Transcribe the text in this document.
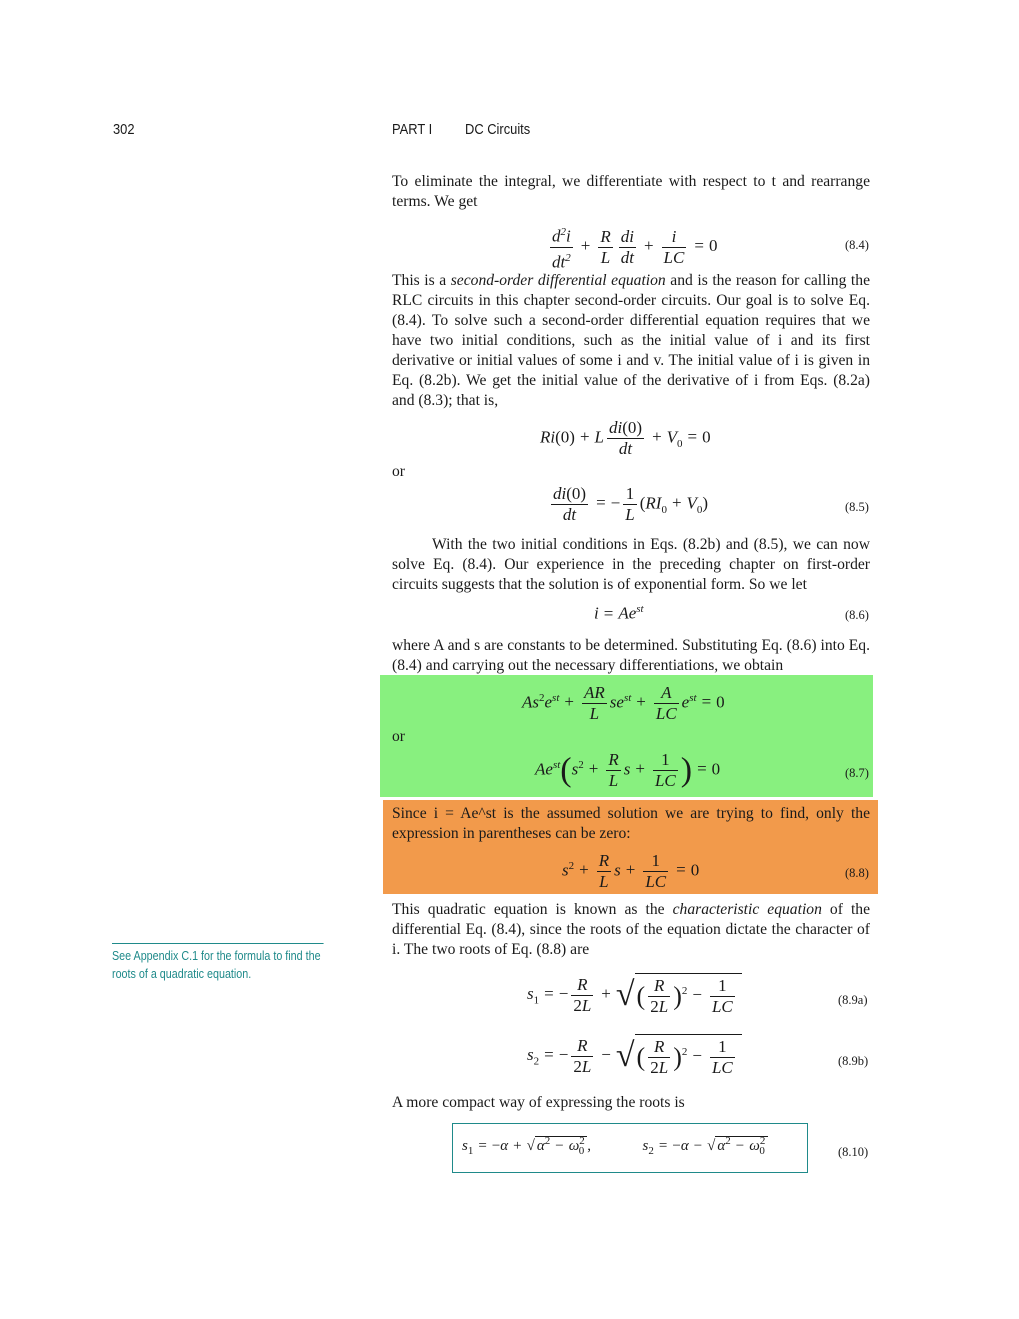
302	PART I DC Circuits

To eliminate the integral, we differentiate with respect to t and rearrange terms. We get

$\frac{d^2i}{dt^2} + \frac{R}{L} \frac{di}{dt} + \frac{i}{LC} = 0$	(8.4)

This is a second-order differential equation and is the reason for calling the RLC circuits in this chapter second-order circuits. Our goal is to solve Eq. (8.4). To solve such a second-order differential equation requires that we have two initial conditions, such as the initial value of i and its first derivative or initial values of some i and v. The initial value of i is given in Eq. (8.2b). We get the initial value of the derivative of i from Eqs. (8.2a) and (8.3); that is,

Ri(0) + L $\frac{di(0)}{dt} + V_0 = 0$

or

$\frac{di(0)}{dt}$ = − $\frac{1}{L} (RI_0 + V_0)$	(8.5)

With the two initial conditions in Eqs. (8.2b) and (8.5), we can now solve Eq. (8.4). Our experience in the preceding chapter on first-order circuits suggests that the solution is of exponential form. So we let

$i = Ae^{st}$	(8.6)

where A and s are constants to be determined. Substituting Eq. (8.6) into Eq. (8.4) and carrying out the necessary differentiations, we obtain

$As^2e^{st} + \frac{AR}{L} se^{st} + \frac{A}{LC} e^{st} = 0$

or

$Ae^{st}(s^2 + \frac{R}{L}$ $s + \frac{1}{LC}$ ) = 0	(8.7)

Since i = Ae^st is the assumed solution we are trying to find, only the expression in parentheses can be zero:

$s^2 + \frac{R}{L}$ $s + \frac{1}{LC} = 0$	(8.8)

This quadratic equation is known as the characteristic equation of the differential Eq. (8.4), since the roots of the equation dictate the character of i. The two roots of Eq. (8.8) are

See Appendix C.1 for the formula to find the roots of a quadratic equation.
$s_1$ = − $\frac{R}{2L}$ + √( $\frac{R}{2L} )^2 - \frac{1}{LC}$	(8.9a)
$s_2$ = − $\frac{R}{2L}$ − √( $\frac{R}{2L} )^2 - \frac{1}{LC}$	(8.9b)

A more compact way of expressing the roots is

$s_1 = -\alpha$ + √ $\alpha^2 - \omega^2_0$ ,	$s_2 = -\alpha$ − √ $\alpha^2 - \omega^2_0$	(8.10)
